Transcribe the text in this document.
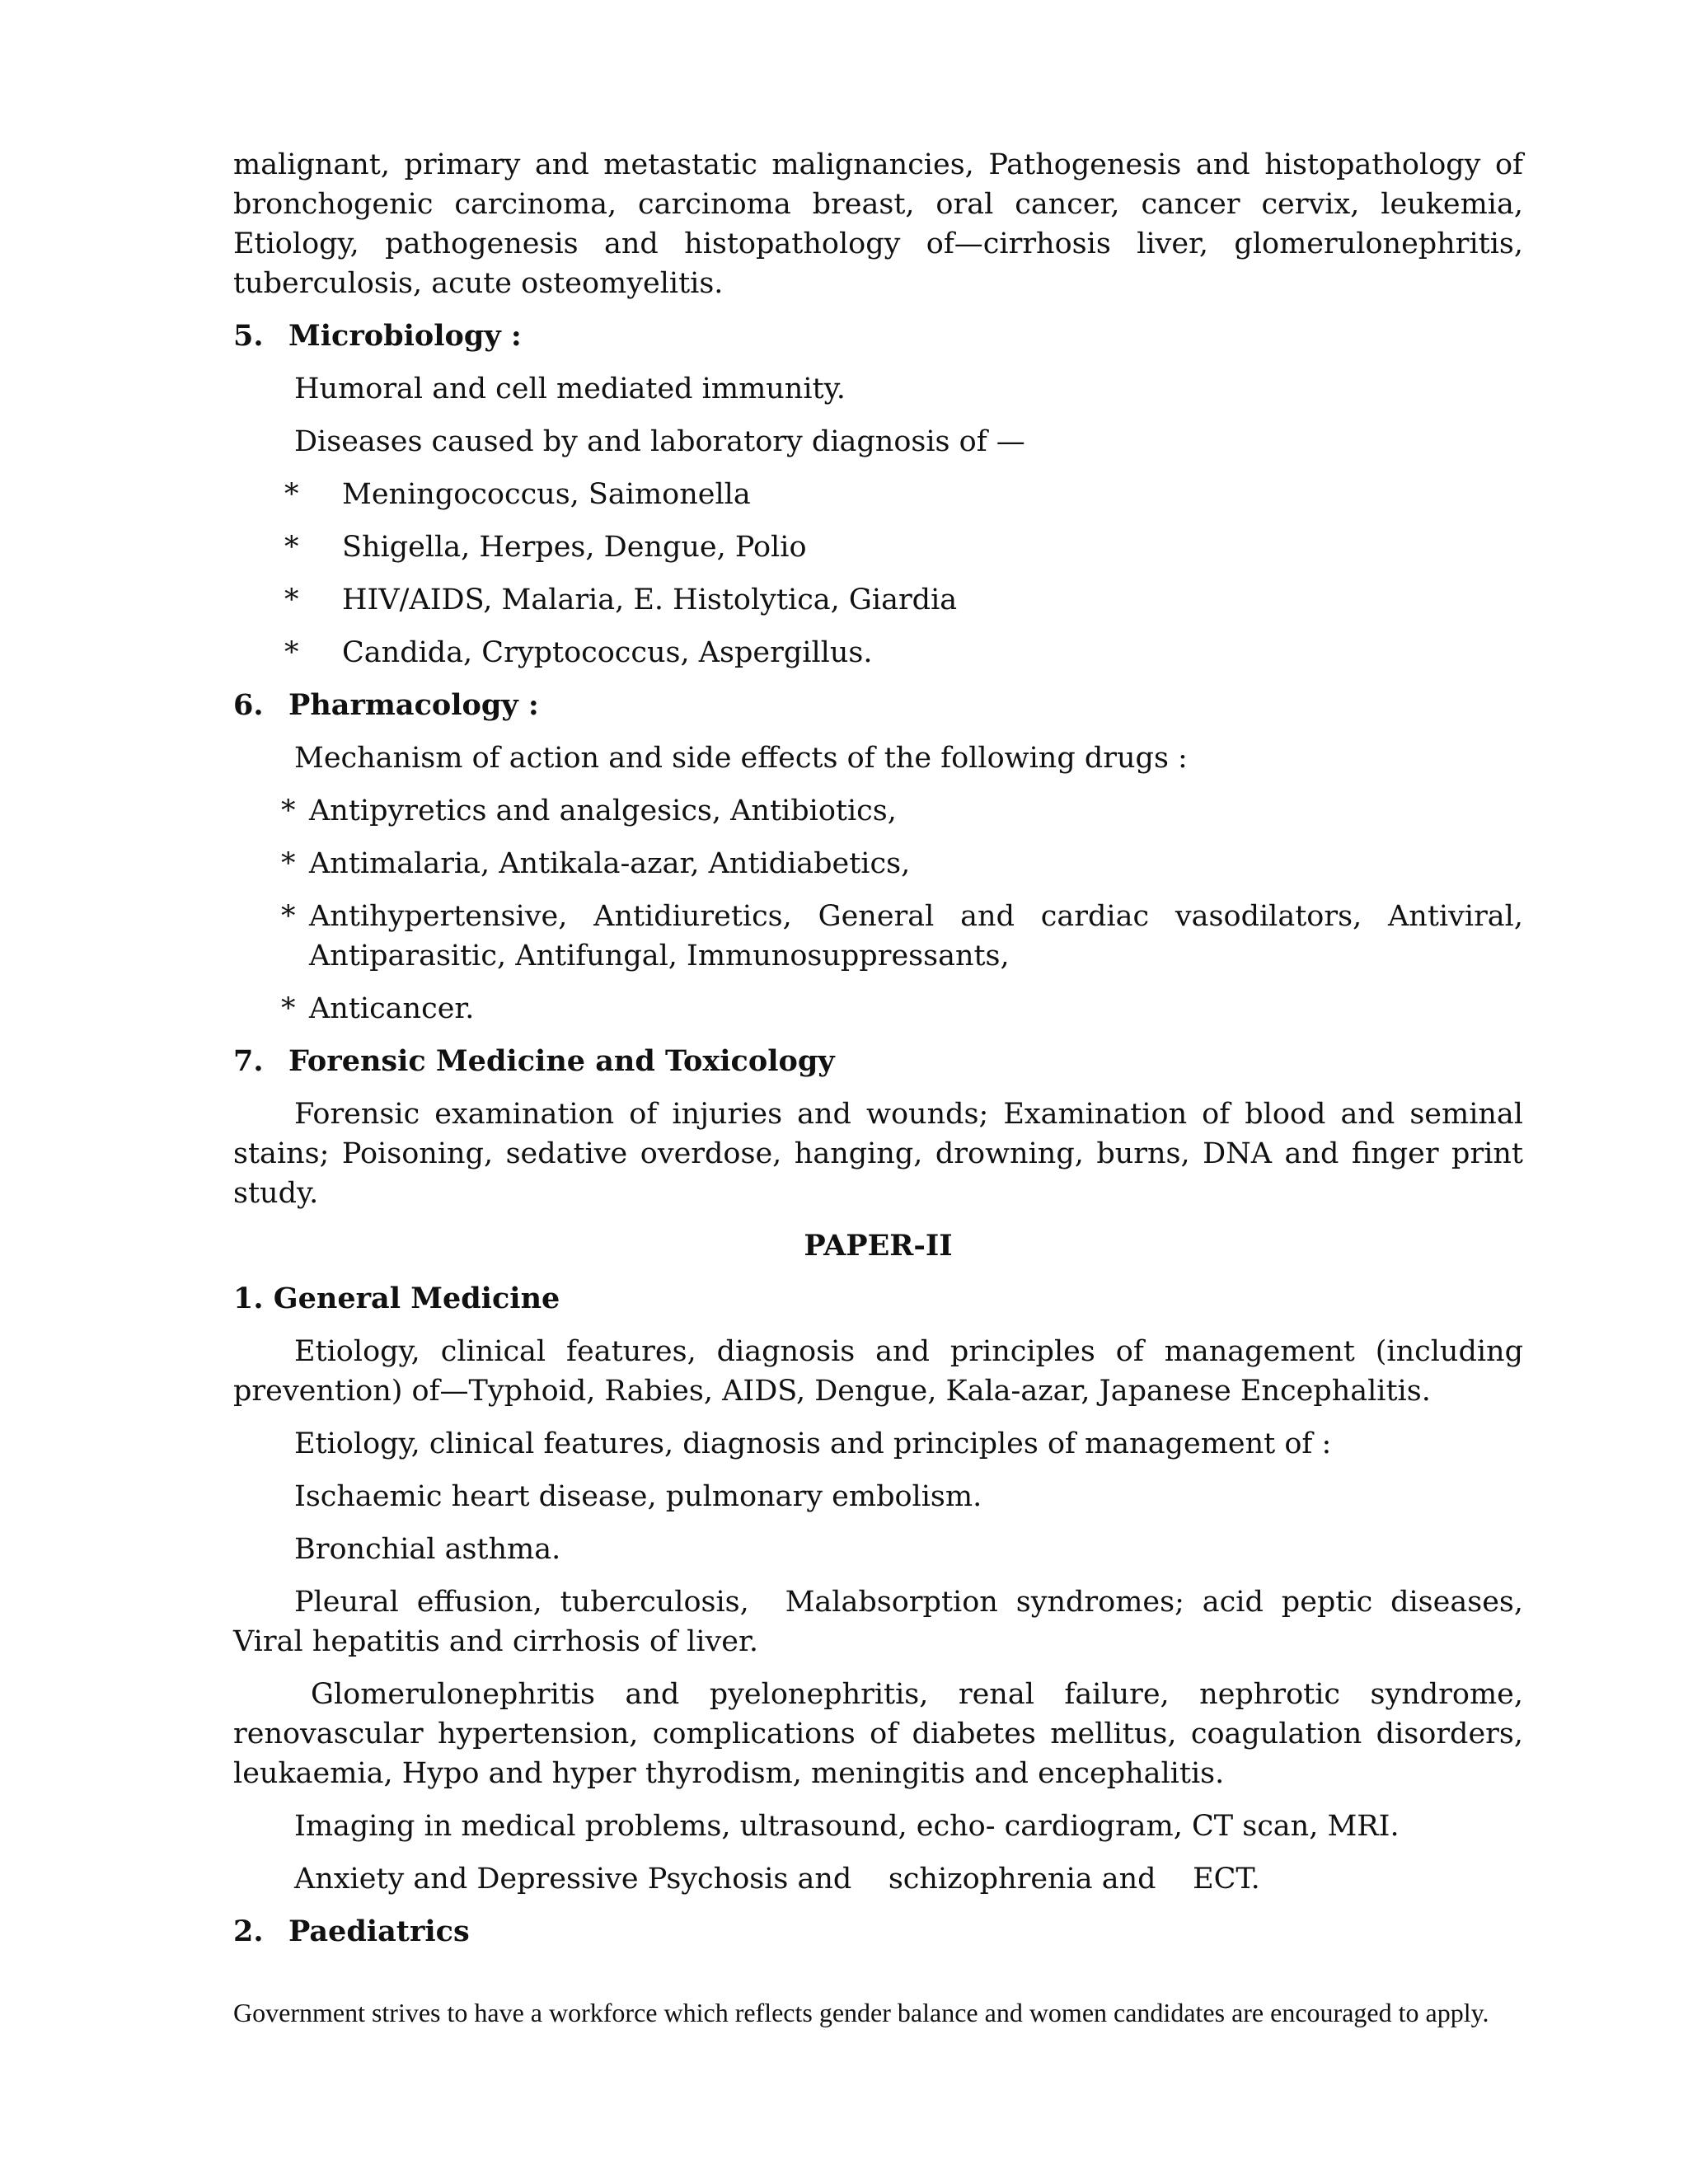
malignant, primary and metastatic malignancies, Pathogenesis and histopathology of bronchogenic carcinoma, carcinoma breast, oral cancer, cancer cervix, leukemia, Etiology, pathogenesis and histopathology of—cirrhosis liver, glomerulonephritis, tuberculosis, acute osteomyelitis.

5. Microbiology :

Humoral and cell mediated immunity.

Diseases caused by and laboratory diagnosis of —

*	Meningococcus, Saimonella
*	Shigella, Herpes, Dengue, Polio
*	HIV/AIDS, Malaria, E. Histolytica, Giardia
*	Candida, Cryptococcus, Aspergillus.
6. Pharmacology :

Mechanism of action and side effects of the following drugs :

* Antipyretics and analgesics, Antibiotics,
* Antimalaria, Antikala-azar, Antidiabetics,
* Antihypertensive, Antidiuretics, General and cardiac vasodilators, Antiviral, Antiparasitic, Antifungal, Immunosuppressants,
* Anticancer.
7. Forensic Medicine and Toxicology

Forensic examination of injuries and wounds; Examination of blood and seminal stains; Poisoning, sedative overdose, hanging, drowning, burns, DNA and finger print study.

PAPER-II

1. General Medicine

Etiology, clinical features, diagnosis and principles of management (including prevention) of—Typhoid, Rabies, AIDS, Dengue, Kala-azar, Japanese Encephalitis.

Etiology, clinical features, diagnosis and principles of management of :

Ischaemic heart disease, pulmonary embolism.

Bronchial asthma.

Pleural effusion, tuberculosis,  Malabsorption syndromes; acid peptic diseases,  Viral hepatitis and cirrhosis of liver.

Glomerulonephritis and pyelonephritis, renal failure, nephrotic syndrome, renovascular hypertension, complications of diabetes mellitus, coagulation disorders, leukaemia, Hypo and hyper thyrodism, meningitis and encephalitis.

Imaging in medical problems, ultrasound, echo- cardiogram, CT scan, MRI.

Anxiety and Depressive Psychosis and    schizophrenia and    ECT.

2. Paediatrics

Government strives to have a workforce which reflects gender balance and women candidates are encouraged to apply.
